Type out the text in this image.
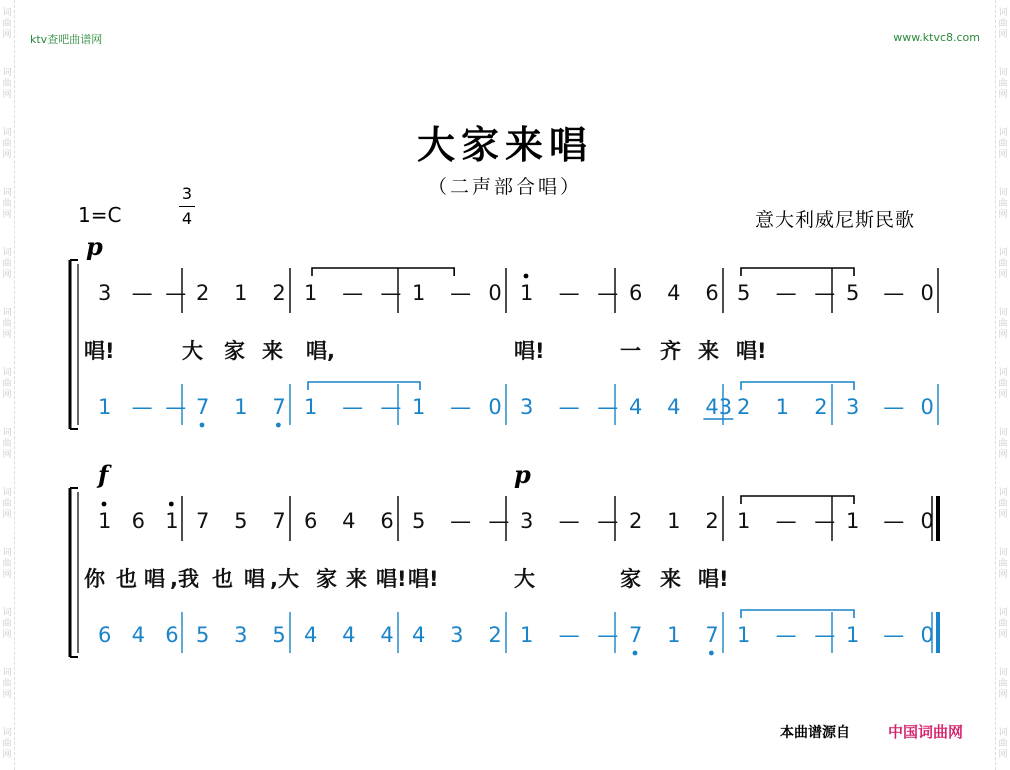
词
曲
网
词
曲
网
词
曲
网
词
曲
网
词
曲
网
词
曲
网
词
曲
网
词
曲
网
词
曲
网
词
曲
网
词
曲
网
词
曲
网
词
曲
网
词
曲
网
词
曲
网
词
曲
网
词
曲
网
词
曲
网
词
曲
网
词
曲
网
词
曲
网
词
曲
网
词
曲
网
词
曲
网
词
曲
网
词
曲
网
ktv查吧曲谱网	www.ktvc8.com
大家来唱
（二声部合唱）
1=C
3
4	意大利威尼斯民歌
p
f	p
3 — — 2 1 2 1 — — 1 — 0 1 — — 6 4 6 5 — — 5 — 0
1 — — 7 1 7 1 — — 1 — 0 3 — — 4 4 43 2 1 2 3 — 0
唱!	大 家 来 唱,	唱!	一 齐 来 唱!
1 6 1 7 5 7 6 4 6 5 — — 3 — — 2 1 2 1 — — 1 — 0
6 4 6 5 3 5 4 4 4 4 3 2 1 — — 7 1 7 1 — — 1 — 0
你 也 唱 ,我 也 唱 ,大 家 来 唱! 唱!	大	家 来 唱!
本曲谱源自	中国词曲网
